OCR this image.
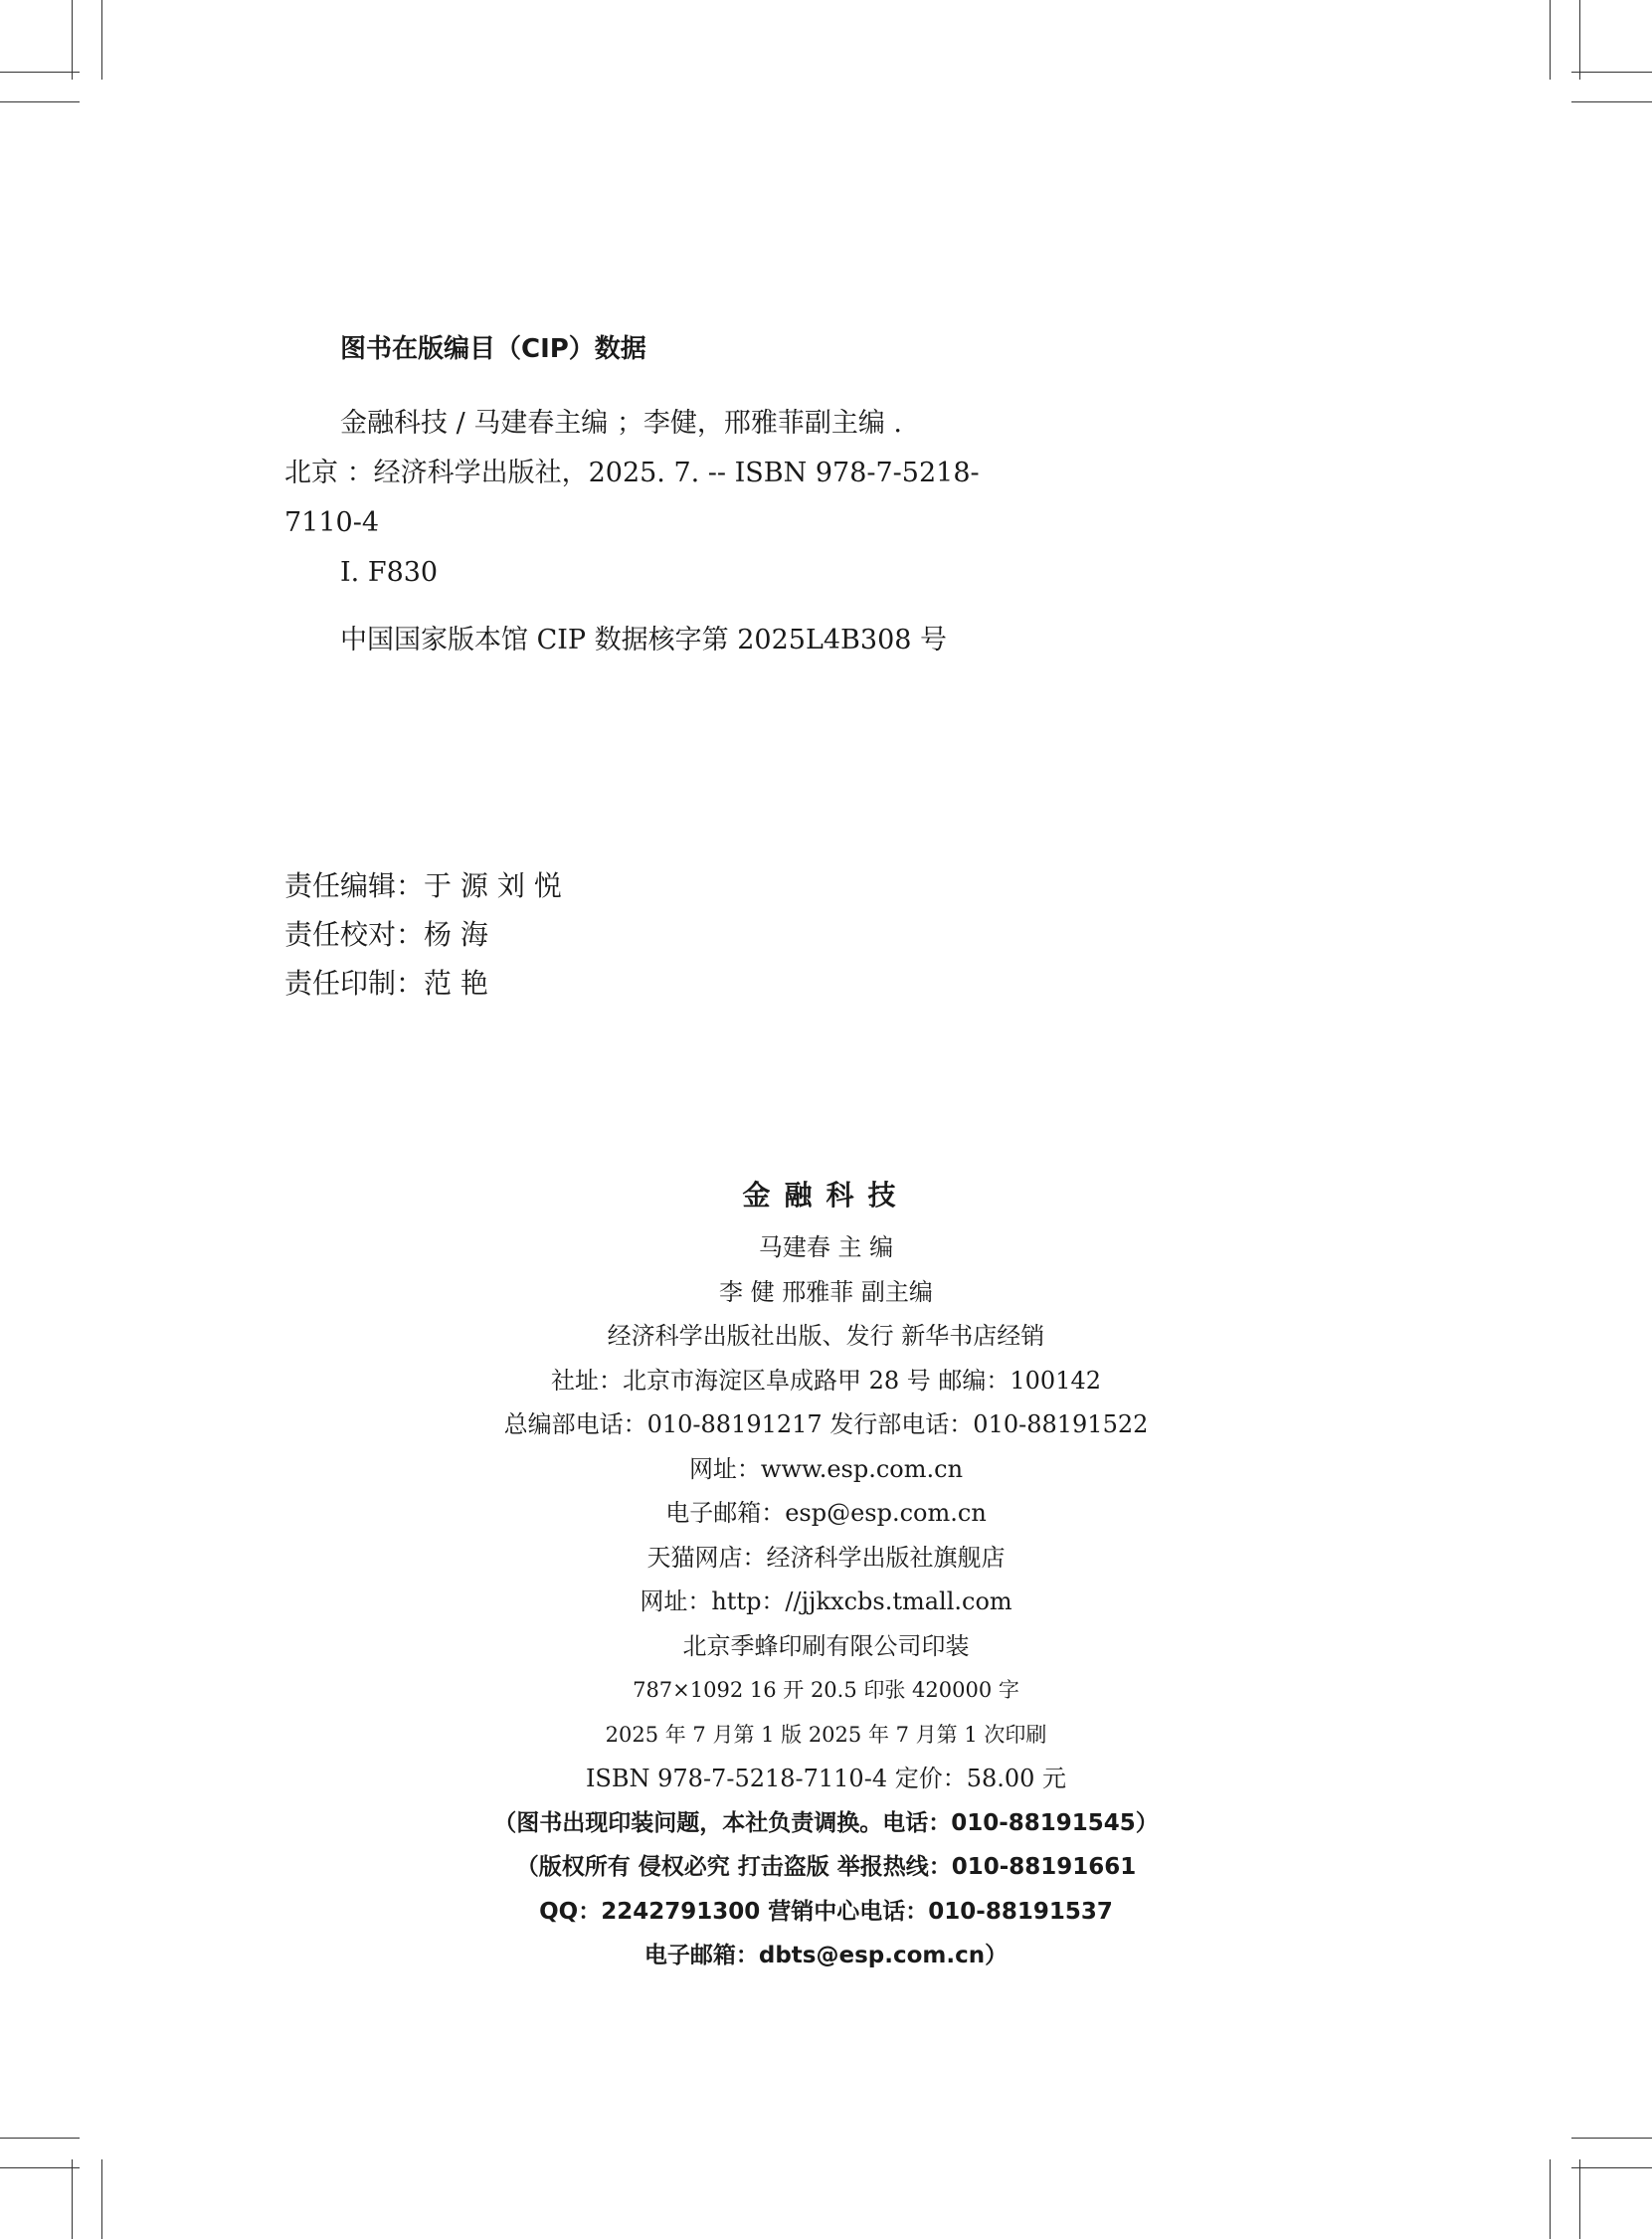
图书在版编目（CIP）数据

金融科技 / 马建春主编 ；李健，邢雅菲副主编 .

北京 ：经济科学出版社，2025. 7. -- ISBN 978-7-5218-

7110-4

Ⅰ. F830

中国国家版本馆 CIP 数据核字第 2025L4B308 号

责任编辑：于 源 刘 悦
责任校对：杨 海
责任印制：范 艳
金融科技
马建春 主 编
李 健 邢雅菲 副主编
经济科学出版社出版、发行 新华书店经销
社址：北京市海淀区阜成路甲 28 号 邮编：100142
总编部电话：010-88191217 发行部电话：010-88191522
网址：www.esp.com.cn
电子邮箱：esp@esp.com.cn
天猫网店：经济科学出版社旗舰店
网址：http：//jjkxcbs.tmall.com
北京季蜂印刷有限公司印装
787×1092 16 开 20.5 印张 420000 字
2025 年 7 月第 1 版 2025 年 7 月第 1 次印刷
ISBN 978-7-5218-7110-4 定价：58.00 元
（图书出现印装问题，本社负责调换。电话：010-88191545）
（版权所有 侵权必究 打击盗版 举报热线：010-88191661
QQ：2242791300 营销中心电话：010-88191537
电子邮箱：dbts@esp.com.cn）
